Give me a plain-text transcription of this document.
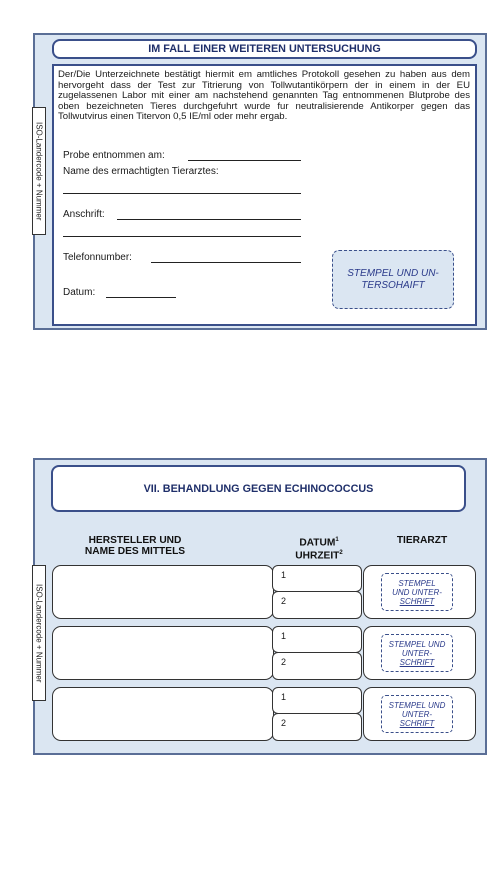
ISO-Landercode + Nummer
IM FALL EINER WEITEREN UNTERSUCHUNG
Der/Die Unterzeichnete bestätigt hiermit em amtliches Protokoll gesehen zu haben aus dem hervorgeht dass der Test zur Titrierung von Tollwutantikörpern der in einem in der EU zugelassenen Labor mit einer am nachstehend genannten Tag entnommenen Blutprobe des oben bezeichneten Tieres durchgefuhrt wurde fur neutralisierende Antikorper gegen das Tollwutvirus einen Titervon 0,5 IE/ml oder mehr ergab.
Probe entnommen am:
Name des ermachtigten Tierarztes:
Anschrift:
Telefonnumber:
Datum:
STEMPEL UND UN-
TERSOHAIFT
ISO-Landercode + Nummer
VII. BEHANDLUNG GEGEN ECHINOCOCCUS
HERSTELLER UND
NAME DES MITTELS
DATUM$^1$
UHRZEIT$^2$
TIERARZT
1
2
STEMPEL
UND UNTER-
SCHRIFT
1
2
STEMPEL UND
UNTER-
SCHRIFT
1
2
STEMPEL UND
UNTER-
SCHRIFT
